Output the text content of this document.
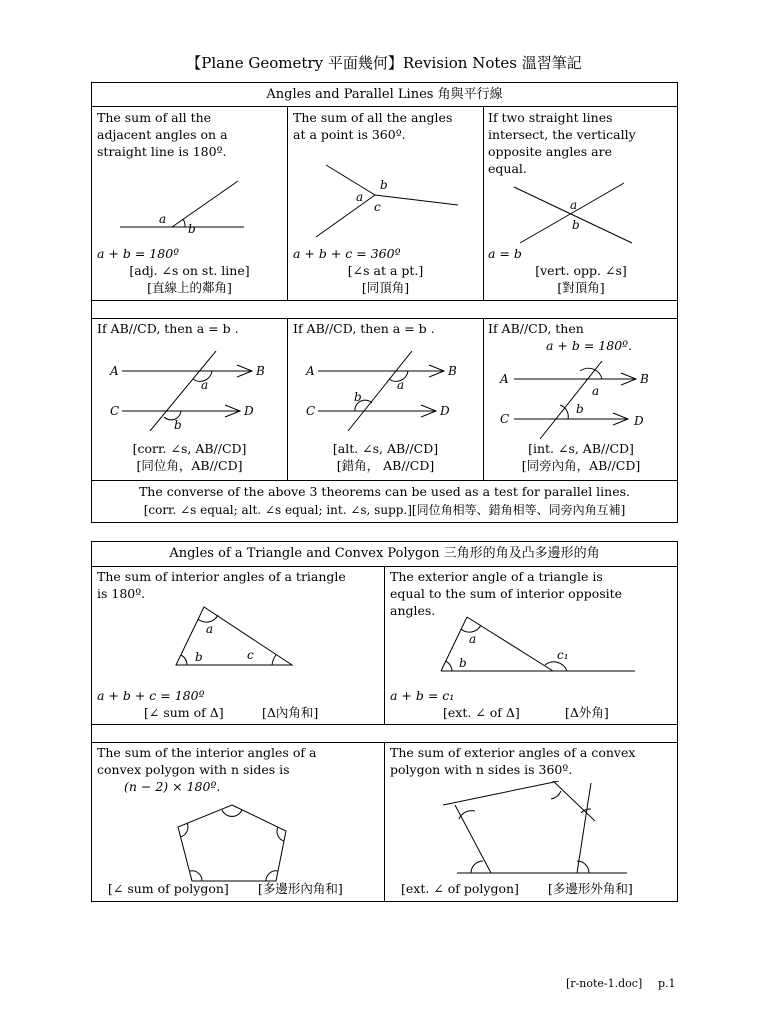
【Plane Geometry 平面幾何】Revision Notes 溫習筆記
Angles and Parallel Lines 角與平行線
The sum of all the
adjacent angles on a
straight line is 180º.
a
b
a + b = 180º
[adj. ∠s on st. line]
[直線上的鄰角]
The sum of all the angles
at a point is 360º.
a
b
c
a + b + c = 360º
[∠s at a pt.]
[同頂角]
If two straight lines
intersect, the vertically
opposite angles are
equal.
a
b
a = b
[vert. opp. ∠s]
[對頂角]
If AB//CD, then a = b .
A	B
C	D
a
b
[corr. ∠s, AB//CD]
[同位角，AB//CD]
If AB//CD, then a = b .
A	B
C	D
a
b
[alt. ∠s, AB//CD]
[錯角， AB//CD]
If AB//CD, then
a + b = 180º.
A	B
C	D
a
b
[int. ∠s, AB//CD]
[同旁內角，AB//CD]
The converse of the above 3 theorems can be used as a test for parallel lines.
[corr. ∠s equal; alt. ∠s equal; int. ∠s, supp.][同位角相等、錯角相等、同旁內角互補]
Angles of a Triangle and Convex Polygon 三角形的角及凸多邊形的角
The sum of interior angles of a triangle
is 180º.
a
b	c
a + b + c = 180º
[∠ sum of Δ]	[Δ內角和]
The exterior angle of a triangle is
equal to the sum of interior opposite
angles.
a
b
c₁
a + b = c₁
[ext. ∠ of Δ]	[Δ外角]
The sum of the interior angles of a
convex polygon with n sides is
(n − 2) × 180º.
[∠ sum of polygon] [多邊形內角和]
The sum of exterior angles of a convex
polygon with n sides is 360º.
[ext. ∠ of polygon] [多邊形外角和]
[r-note-1.doc] p.1
